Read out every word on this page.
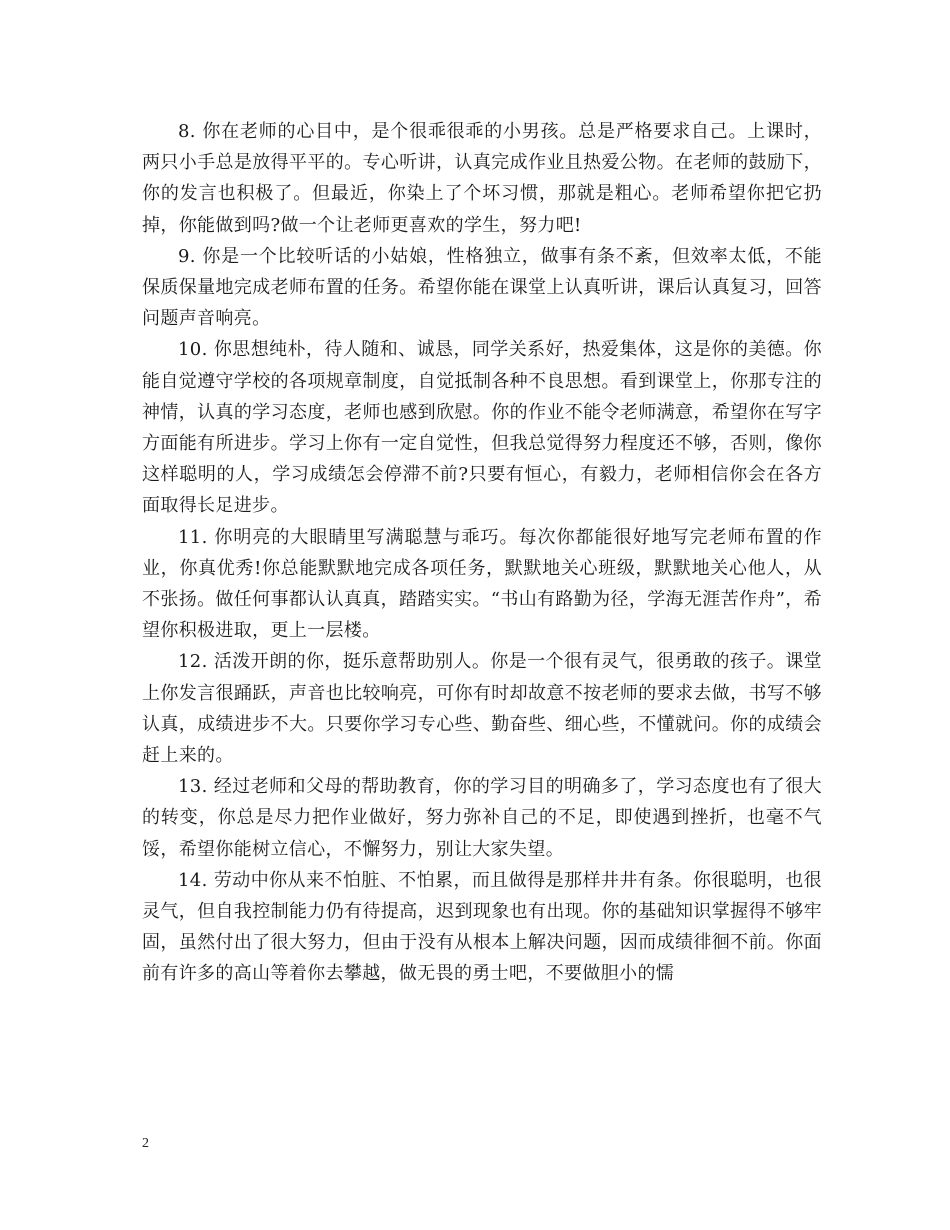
8. 你在老师的心目中，是个很乖很乖的小男孩。总是严格要求自己。上课时，两只小手总是放得平平的。专心听讲，认真完成作业且热爱公物。在老师的鼓励下，你的发言也积极了。但最近，你染上了个坏习惯，那就是粗心。老师希望你把它扔掉，你能做到吗?做一个让老师更喜欢的学生，努力吧!

9. 你是一个比较听话的小姑娘，性格独立，做事有条不紊，但效率太低，不能保质保量地完成老师布置的任务。希望你能在课堂上认真听讲，课后认真复习，回答问题声音响亮。

10. 你思想纯朴，待人随和、诚恳，同学关系好，热爱集体，这是你的美德。你能自觉遵守学校的各项规章制度，自觉抵制各种不良思想。看到课堂上，你那专注的神情，认真的学习态度，老师也感到欣慰。你的作业不能令老师满意，希望你在写字方面能有所进步。学习上你有一定自觉性，但我总觉得努力程度还不够，否则，像你这样聪明的人，学习成绩怎会停滞不前?只要有恒心，有毅力，老师相信你会在各方面取得长足进步。

11. 你明亮的大眼睛里写满聪慧与乖巧。每次你都能很好地写完老师布置的作业，你真优秀!你总能默默地完成各项任务，默默地关心班级，默默地关心他人，从不张扬。做任何事都认认真真，踏踏实实。“书山有路勤为径，学海无涯苦作舟”，希望你积极进取，更上一层楼。

12. 活泼开朗的你，挺乐意帮助别人。你是一个很有灵气，很勇敢的孩子。课堂上你发言很踊跃，声音也比较响亮，可你有时却故意不按老师的要求去做，书写不够认真，成绩进步不大。只要你学习专心些、勤奋些、细心些，不懂就问。你的成绩会赶上来的。

13. 经过老师和父母的帮助教育，你的学习目的明确多了，学习态度也有了很大的转变，你总是尽力把作业做好，努力弥补自己的不足，即使遇到挫折，也毫不气馁，希望你能树立信心，不懈努力，别让大家失望。

14. 劳动中你从来不怕脏、不怕累，而且做得是那样井井有条。你很聪明，也很灵气，但自我控制能力仍有待提高，迟到现象也有出现。你的基础知识掌握得不够牢固，虽然付出了很大努力，但由于没有从根本上解决问题，因而成绩徘徊不前。你面前有许多的高山等着你去攀越，做无畏的勇士吧，不要做胆小的懦

2
